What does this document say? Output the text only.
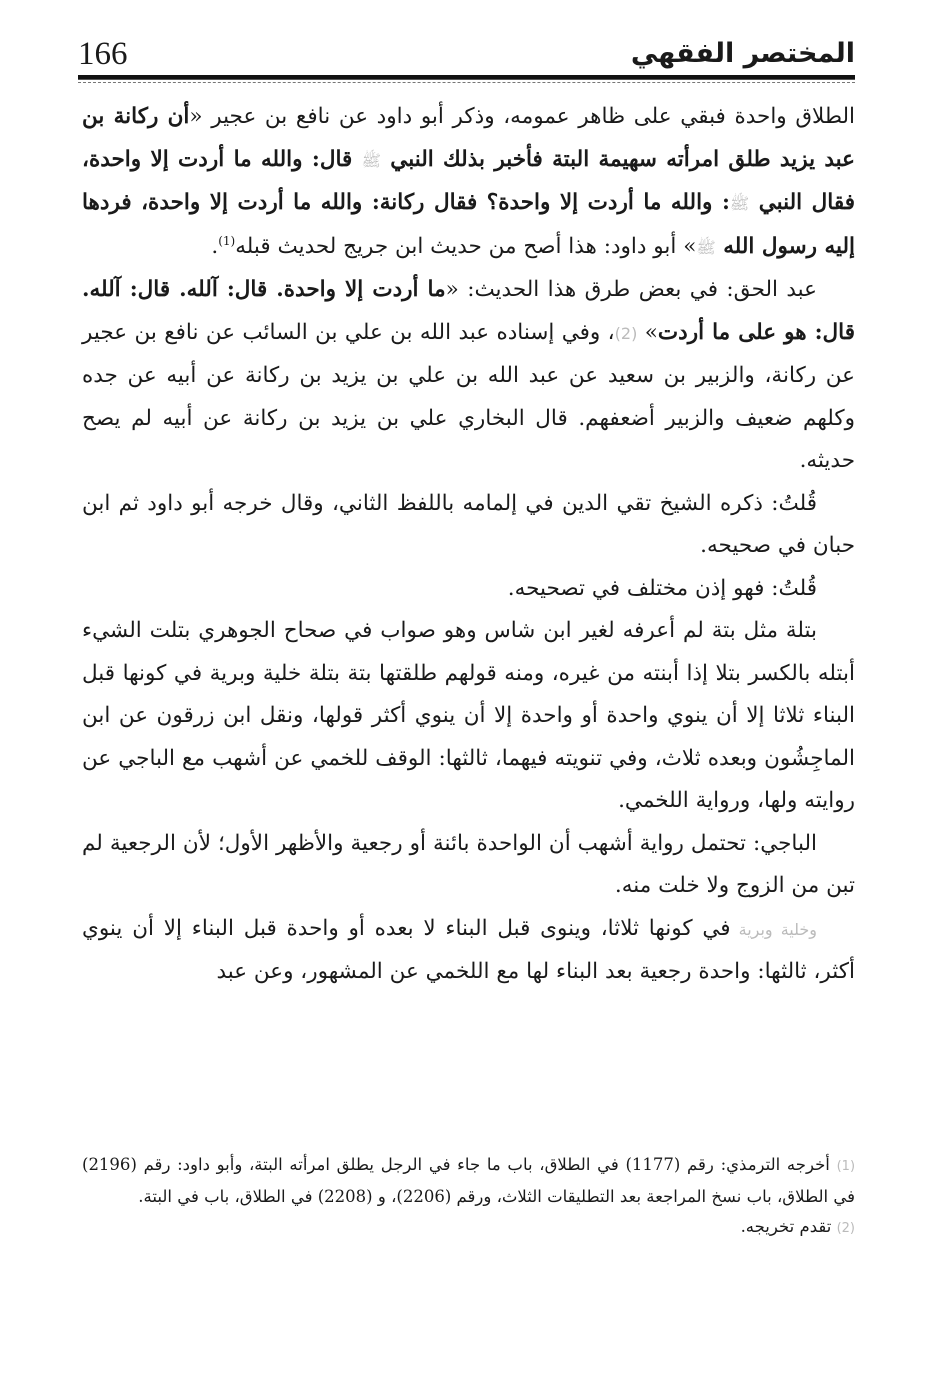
166	المختصر الفقهي

الطلاق واحدة فبقي على ظاهر عمومه، وذكر أبو داود عن نافع بن عجير «أن ركانة بن عبد يزيد طلق امرأته سهيمة البتة فأخبر بذلك النبي ﷺ قال: والله ما أردت إلا واحدة، فقال النبي ﷺ: والله ما أردت إلا واحدة؟ فقال ركانة: والله ما أردت إلا واحدة، فردها إليه رسول الله ﷺ» أبو داود: هذا أصح من حديث ابن جريج لحديث قبله$^{(1)}$.

عبد الحق: في بعض طرق هذا الحديث: «ما أردت إلا واحدة. قال: آلله. قال: آلله. قال: هو على ما أردت» (2)، وفي إسناده عبد الله بن علي بن السائب عن نافع بن عجير عن ركانة، والزبير بن سعيد عن عبد الله بن علي بن يزيد بن ركانة عن أبيه عن جده وكلهم ضعيف والزبير أضعفهم. قال البخاري علي بن يزيد بن ركانة عن أبيه لم يصح حديثه.

قُلتُ: ذكره الشيخ تقي الدين في إلمامه باللفظ الثاني، وقال خرجه أبو داود ثم ابن حبان في صحيحه.

قُلتُ: فهو إذن مختلف في تصحيحه.

بتلة مثل بتة لم أعرفه لغير ابن شاس وهو صواب في صحاح الجوهري بتلت الشيء أبتله بالكسر بتلا إذا أبنته من غيره، ومنه قولهم طلقتها بتة بتلة خلية وبرية في كونها قبل البناء ثلاثا إلا أن ينوي واحدة أو واحدة إلا أن ينوي أكثر قولها، ونقل ابن زرقون عن ابن الماجِشُون وبعده ثلاث، وفي تنويته فيهما، ثالثها: الوقف للخمي عن أشهب مع الباجي عن روايته ولها، ورواية اللخمي.

الباجي: تحتمل رواية أشهب أن الواحدة بائنة أو رجعية والأظهر الأول؛ لأن الرجعية لم تبن من الزوج ولا خلت منه.

وخلية وبرية في كونها ثلاثا، وينوى قبل البناء لا بعده أو واحدة قبل البناء إلا أن ينوي أكثر، ثالثها: واحدة رجعية بعد البناء لها مع اللخمي عن المشهور، وعن عبد

(1) أخرجه الترمذي: رقم (1177) في الطلاق، باب ما جاء في الرجل يطلق امرأته البتة، وأبو داود: رقم (2196) في الطلاق، باب نسخ المراجعة بعد التطليقات الثلاث، ورقم (2206)، و (2208) في الطلاق، باب في البتة.

(2) تقدم تخريجه.
